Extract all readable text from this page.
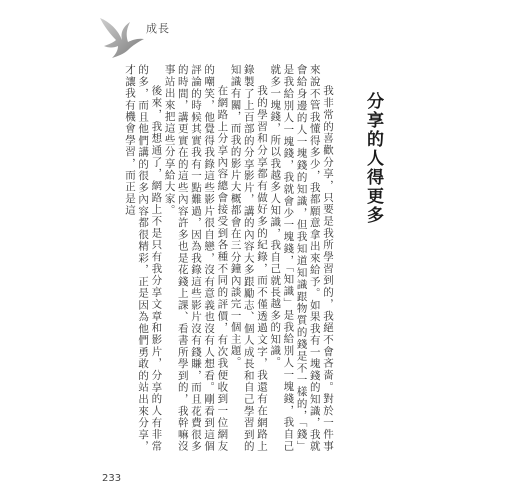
成長
分享的人得更多

我非常的喜歡分享，只要是我所學習到的，我絕不會吝嗇。對於一件事來說不管我懂得多少，我都願意拿出來給予。如果我有一塊錢的知識，我就會給身邊的人一塊錢的知識，但我知道知識跟物質的錢是不一樣的，「錢」是我給別人一塊錢，我就會少一塊錢，「知識」是我給別人一塊錢，我自己就多一塊錢，所以我越多人知識，我自己就長越多的知識。

我的學習和分享都有做好多的紀錄，而不僅透過文字，我還有在網路上錄製了上百部的分享影片，講的內容大多跟勵志、個人成長和自己學習到的知識有關，而我的影片大概都會在三分鐘內談完一個主題。

在網路上分享內容總會接受到各種不同的評價，有次我便收到一位網友的嘲笑，他覺得我錄這些影片很自戀，沒有意義也沒有人想看。剛看到這個評論的時候其實我有一點難過，因為我錄這些影片沒有錢賺，而且花費很多的時間，講更實在的這些內容許多也是花錢上課、看書所學到的，我幹嘛沒事站出來把這些分享給大家。

後來，我想通了，網路上不是只有我分享文章和影片，分享的人有非常的多，而且他們講的很多內容都很精彩，正是因為他們勇敢的站出來分享，才讓我有機會學習，而正是這

233
